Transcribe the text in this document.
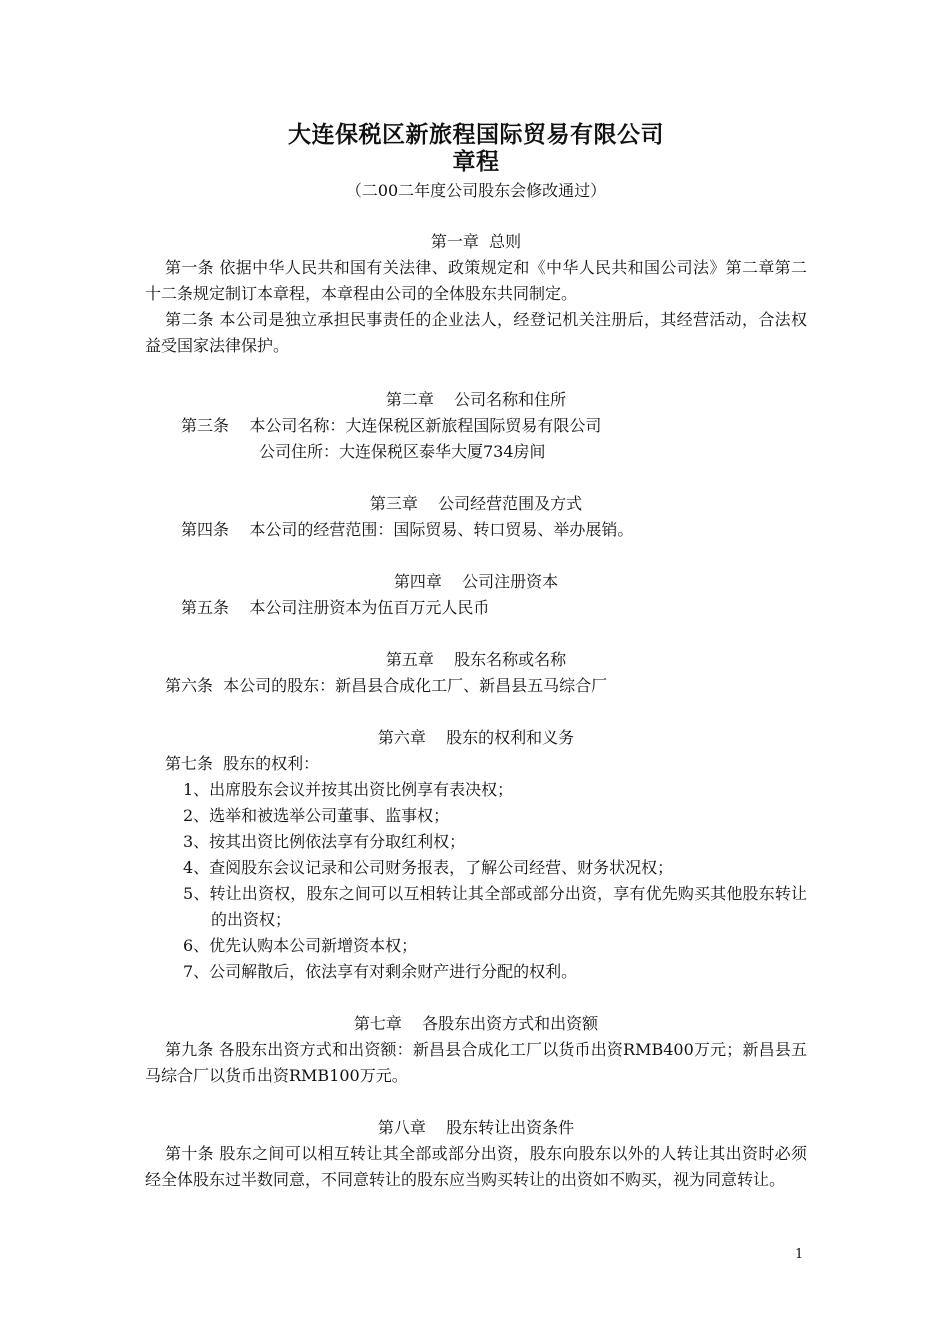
大连保税区新旅程国际贸易有限公司
章程
（二00二年度公司股东会修改通过）
第一章  总则
第一条 依据中华人民共和国有关法律、政策规定和《中华人民共和国公司法》第二章第二十二条规定制订本章程，本章程由公司的全体股东共同制定。
第二条 本公司是独立承担民事责任的企业法人，经登记机关注册后，其经营活动，合法权益受国家法律保护。
第二章    公司名称和住所
第三条    本公司名称：大连保税区新旅程国际贸易有限公司
公司住所：大连保税区泰华大厦734房间
第三章    公司经营范围及方式
第四条    本公司的经营范围：国际贸易、转口贸易、举办展销。
第四章    公司注册资本
第五条    本公司注册资本为伍百万元人民币
第五章    股东名称或名称
第六条  本公司的股东：新昌县合成化工厂、新昌县五马综合厂
第六章    股东的权利和义务
第七条  股东的权利：
1、出席股东会议并按其出资比例享有表决权；
2、选举和被选举公司董事、监事权；
3、按其出资比例依法享有分取红利权；
4、查阅股东会议记录和公司财务报表，了解公司经营、财务状况权；
5、转让出资权，股东之间可以互相转让其全部或部分出资，享有优先购买其他股东转让的出资权；
6、优先认购本公司新增资本权；
7、公司解散后，依法享有对剩余财产进行分配的权利。
第七章    各股东出资方式和出资额
第九条 各股东出资方式和出资额：新昌县合成化工厂以货币出资RMB400万元；新昌县五马综合厂以货币出资RMB100万元。
第八章    股东转让出资条件
第十条 股东之间可以相互转让其全部或部分出资，股东向股东以外的人转让其出资时必须经全体股东过半数同意，不同意转让的股东应当购买转让的出资如不购买，视为同意转让。
1
